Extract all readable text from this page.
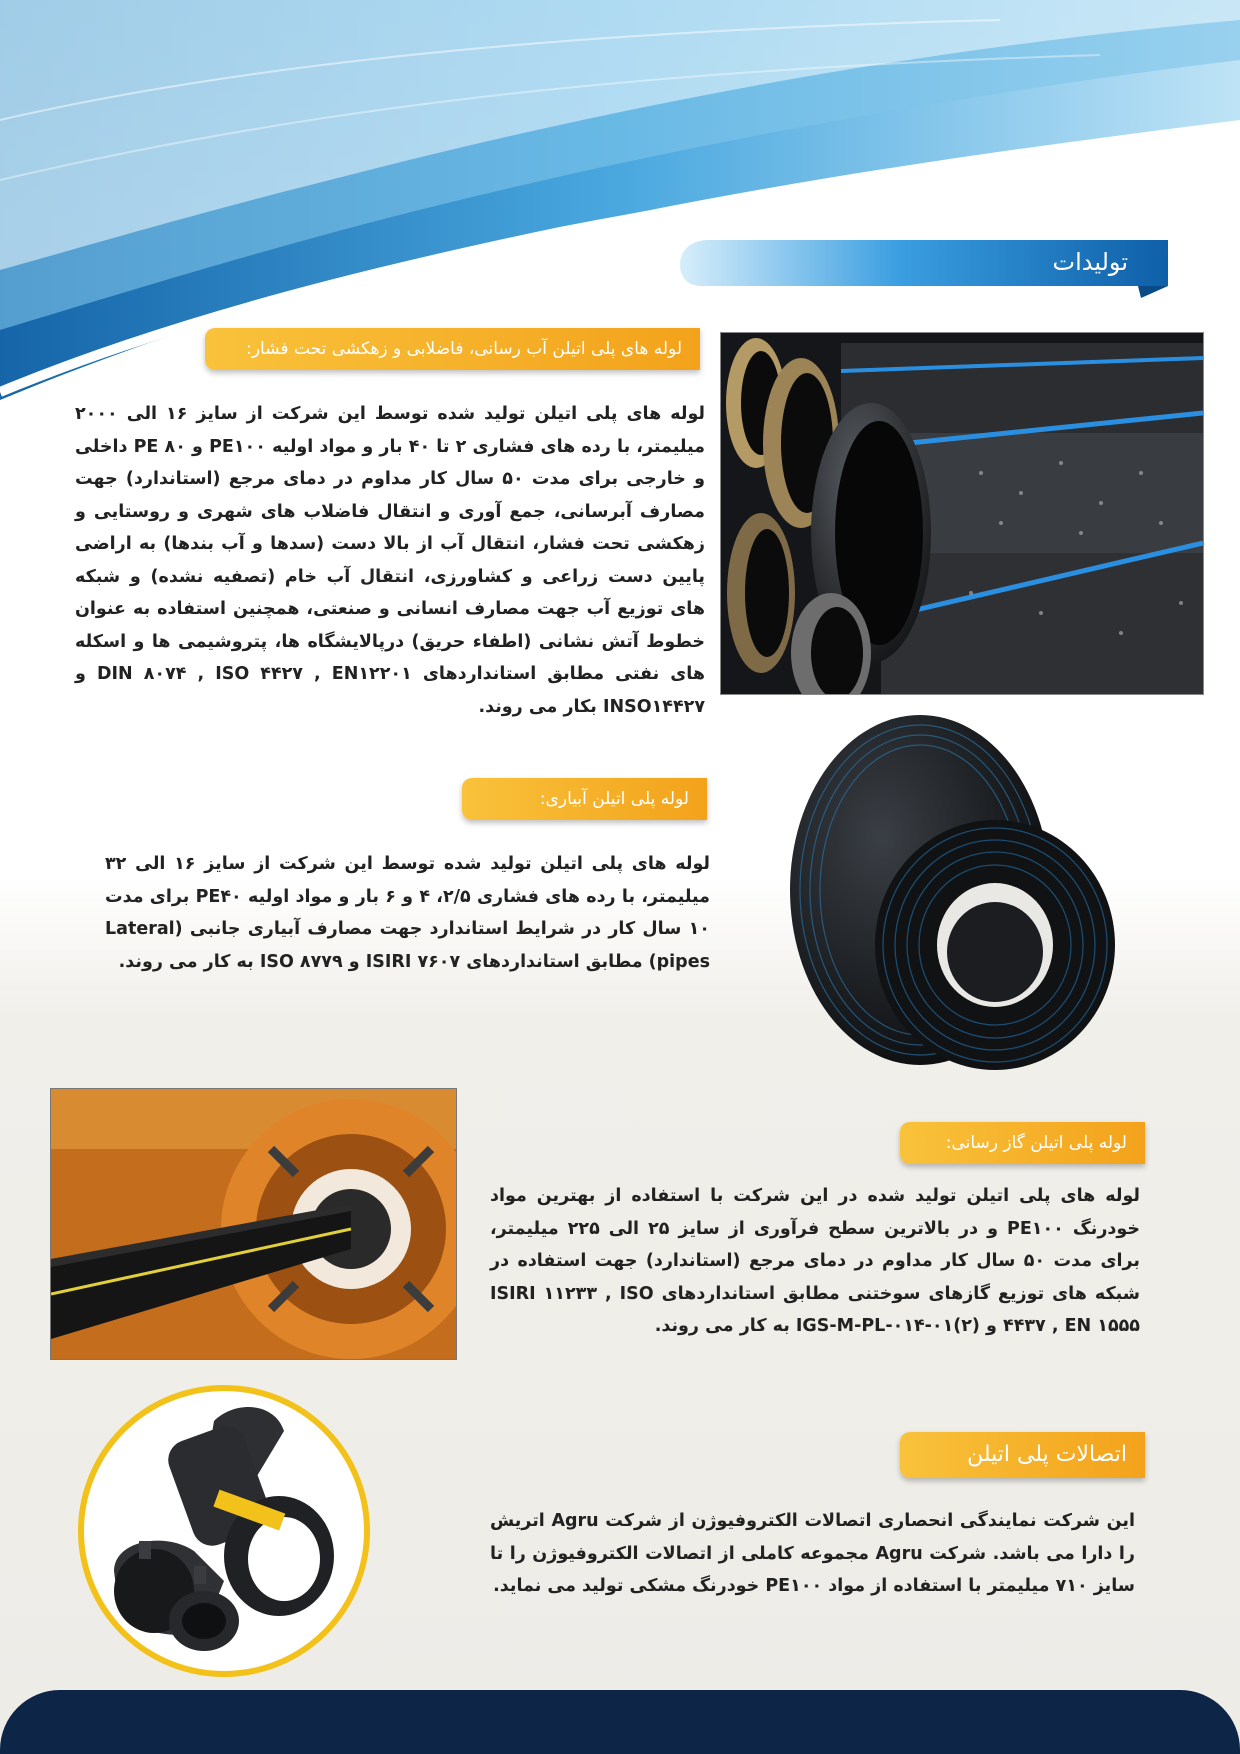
تولیدات
لوله های پلی اتیلن آب رسانی، فاضلابی و زهکشی تحت فشار:
لوله های پلی اتیلن تولید شده توسط این شرکت از سایز ۱۶ الی ۲۰۰۰ میلیمتر، با رده های فشاری ۲ تا ۴۰ بار و مواد اولیه PE۱۰۰ و PE ۸۰ داخلی و خارجی برای مدت ۵۰ سال کار مداوم در دمای مرجع (استاندارد) جهت مصارف آبرسانی، جمع آوری و انتقال فاضلاب های شهری و روستایی و زهکشی تحت فشار، انتقال آب از بالا دست (سدها و آب بندها) به اراضی پایین دست زراعی و کشاورزی، انتقال آب خام (تصفیه نشده) و شبکه های توزیع آب جهت مصارف انسانی و صنعتی، همچنین استفاده به عنوان خطوط آتش نشانی (اطفاء حریق) درپالایشگاه ها، پتروشیمی ها و اسکله های نفتی مطابق استانداردهای DIN ۸۰۷۴ , ISO ۴۴۲۷ , EN۱۲۲۰۱ و INSO۱۴۴۲۷ بکار می روند.
لوله پلی اتیلن آبیاری:
لوله های پلی اتیلن تولید شده توسط این شرکت از سایز ۱۶ الی ۳۲ میلیمتر، با رده های فشاری ۲/۵، ۴ و ۶ بار و مواد اولیه PE۴۰ برای مدت ۱۰ سال کار در شرایط استاندارد جهت مصارف آبیاری جانبی (Lateral pipes) مطابق استانداردهای ISIRI ۷۶۰۷ و ISO ۸۷۷۹ به کار می روند.
لوله پلی اتیلن گاز رسانی:
لوله های پلی اتیلن تولید شده در این شرکت با استفاده از بهترین مواد خودرنگ PE۱۰۰ و در بالاترین سطح فرآوری از سایز ۲۵ الی ۲۲۵ میلیمتر، برای مدت ۵۰ سال کار مداوم در دمای مرجع (استاندارد) جهت استفاده در شبکه های توزیع گازهای سوختنی مطابق استانداردهای ISIRI ۱۱۲۳۳ , ISO ۴۴۳۷ , EN ۱۵۵۵ و IGS-M-PL-۰۱۴-۰۱(۲) به کار می روند.
اتصالات پلی اتیلن
این شرکت نمایندگی انحصاری اتصالات الکتروفیوژن از شرکت Agru اتریش را دارا می باشد. شرکت Agru مجموعه کاملی از اتصالات الکتروفیوژن را تا سایز ۷۱۰ میلیمتر با استفاده از مواد PE۱۰۰ خودرنگ مشکی تولید می نماید.
